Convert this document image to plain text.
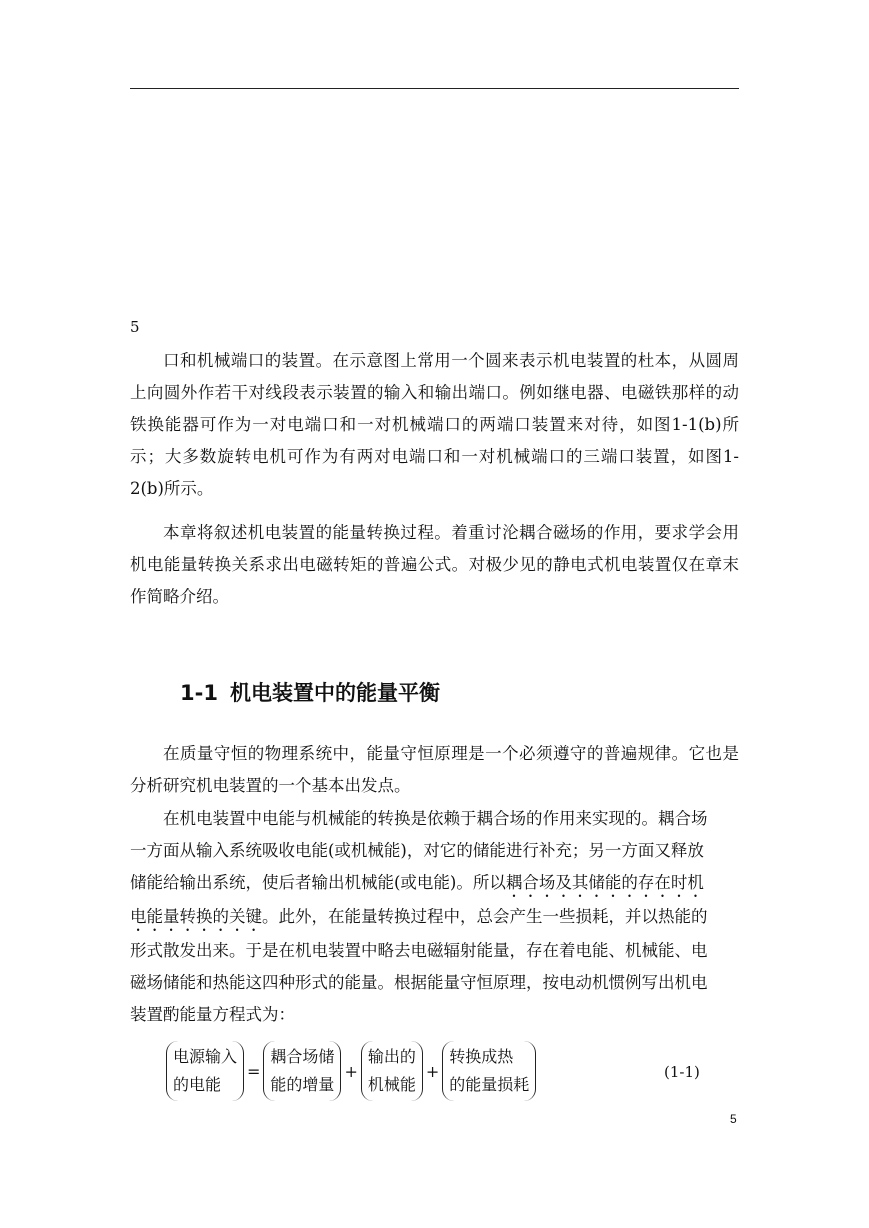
5

口和机械端口的装置。在示意图上常用一个圆来表示机电装置的杜本，从圆周上向圆外作若干对线段表示装置的输入和输出端口。例如继电器、电磁铁那样的动铁换能器可作为一对电端口和一对机械端口的两端口装置来对待，如图1-1(b)所示；大多数旋转电机可作为有两对电端口和一对机械端口的三端口装置，如图1-2(b)所示。

本章将叙述机电装置的能量转换过程。着重讨沦耦合磁场的作用，要求学会用机电能量转换关系求出电磁转矩的普遍公式。对极少见的静电式机电装置仅在章末作简略介绍。

1-1 机电装置中的能量平衡

在质量守恒的物理系统中，能量守恒原理是一个必须遵守的普遍规律。它也是分析研究机电装置的一个基本出发点。

在机电装置中电能与机械能的转换是依赖于耦合场的作用来实现的。耦合场
一方面从输入系统吸收电能(或机械能)，对它的储能进行补充；另一方面又释放
储能给输出系统，使后者输出机械能(或电能)。所以耦合场及其储能的存在时机
电能量转换的关键。此外，在能量转换过程中，总会产生一些损耗，并以热能的
形式散发出来。于是在机电装置中略去电磁辐射能量，存在着电能、机械能、电
磁场储能和热能这四种形式的能量。根据能量守恒原理，按电动机惯例写出机电
装置酌能量方程式为：

电源输入
的电能
=
耦合场储
能的增量
+
输出的
机械能
+
转换成热
的能量损耗
(1-1)
5
